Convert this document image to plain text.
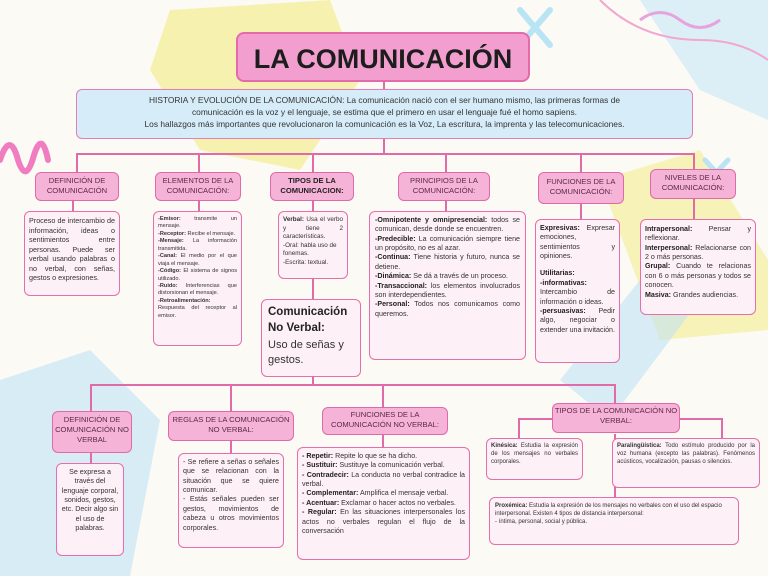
LA COMUNICACIÓN
HISTORIA Y EVOLUCIÓN DE LA COMUNICACIÓN: La comunicación nació con el ser humano mismo, las primeras formas de
comunicación es la voz y el lenguaje, se estima que el primero en usar el lenguaje fué el homo sapiens.
Los hallazgos más importantes que revolucionaron la comunicación es la Voz, La escritura, la imprenta y las telecomunicaciones.
DEFINICIÓN DE COMUNICACIÓN
ELEMENTOS DE LA COMUNICACIÓN:
TIPOS DE LA COMUNICACION:
PRINCIPIOS DE LA COMUNICACIÓN:
FUNCIONES DE LA COMUNICACIÓN:
NIVELES DE LA COMUNICACIÓN:
Proceso de intercambio de información, ideas o sentimientos entre personas. Puede ser verbal usando palabras o no verbal, con señas, gestos o expresiones.
-Emisor: transmite un mensaje.
-Receptor: Recibe el mensaje.
-Mensaje: La información transmitida.
-Canal: El medio por el que viaja el mensaje.
-Código: El sistema de signos utilizado.
-Ruido: Interferencias que distorsionan el mensaje.
-Retroalimentación: Respuesta del receptor al emisor.
Verbal: Usa el verbo y tiene 2 características.
-Oral: habla uso de fonemas.
-Escrita: textual.
Comunicación No Verbal:
Uso de señas y gestos.
-Omnipotente y omnipresencial: todos se comunican, desde donde se encuentren.
-Predecible: La comunicación siempre tiene un propósito, no es al azar.
-Continua: Tiene historia y futuro, nunca se detiene.
-Dinámica: Se dá a través de un proceso.
-Transaccional: los elementos involucrados son interdependientes.
-Personal: Todos nos comunicamos como queremos.
Expresivas: Expresar emociones, sentimientos y opiniones.
Utilitarias:
-informativas: Intercambio de información o ideas.
-persuasivas: Pedir algo, negociar o extender una invitación.
Intrapersonal: Pensar y reflexionar.
Interpersonal: Relacionarse con 2 o más personas.
Grupal: Cuando te relacionas con 6 o más personas y todos se conocen.
Masiva: Grandes audiencias.
DEFINICIÓN DE COMUNICACIÓN NO VERBAL
REGLAS DE LA COMUNICACIÓN NO VERBAL:
FUNCIONES DE LA COMUNICACIÓN NO VERBAL:
TIPOS DE LA COMUNICACIÓN NO VERBAL:
Se expresa a través del lenguaje corporal, sonidos, gestos, etc. Decir algo sin el uso de palabras.
- Se refiere a señas o señales que se relacionan con la situación que se quiere comunicar.
- Estás señales pueden ser gestos, movimientos de cabeza u otros movimientos corporales.
- Repetir: Repite lo que se ha dicho.
- Sustituir: Sustituye la comunicación verbal.
- Contradecir: La conducta no verbal contradice la verbal.
- Complementar: Amplifica el mensaje verbal.
- Acentuar: Exclamar o hacer actos no verbales.
- Regular: En las situaciones interpersonales los actos no verbales regulan el flujo de la conversación
Kinésica: Estudia la expresión de los mensajes no verbales corporales.
Paralingüística: Todo estímulo producido por la voz humana (excepto las palabras). Fenómenos acústicos, vocalización, pausas o silencios.
Proxémica: Estudia la expresión de los mensajes no verbales con el uso del espacio interpersonal. Existen 4 tipos de distancia interpersonal:
- íntima, personal, social y pública.
